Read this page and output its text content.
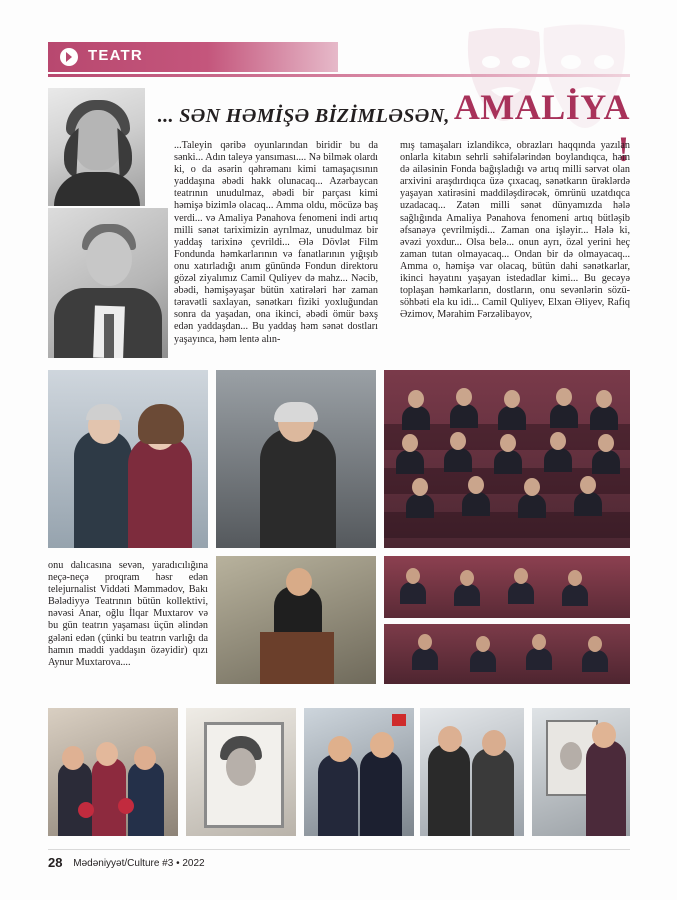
TEATR
... SƏN HƏMİŞƏ BİZİMLƏSƏN, AMALİYA !
...Taleyin qəribə oyunlarından biridir bu da sənki... Adın taleyə yansıması.... Nə bilmək olardı ki, o da əsərin qəhrəmanı kimi tamaşaçısının yaddaşına əbədi hakk olunacaq... Azərbaycan teatrının unudulmaz, əbədi bir parçası kimi həmişə bizimlə olacaq... Amma oldu, möcüzə baş verdi... və Amaliya Pənahova fenomeni indi artıq milli sənət tariximizin ayrılmaz, unudulmaz bir yaddaş tarixinə çevrildi... Ələ Dövlət Film Fondunda həmkarlarının və fanatlarının yığışıb onu xatırladığı anım günündə Fondun direktoru gözəl ziyalımız Camil Quliyev də mahz... Nəcib, əbədi, həmişəyaşar bütün xatirələri hər zaman təravətli saxlayan, sənətkarı fiziki yoxluğundan sonra da yaşadan, ona ikinci, əbədi ömür bəxş edən yaddaşdan... Bu yaddaş həm sənət dostları yaşayınca, həm lentə alın-
mış tamaşaları izlandikcə, obrazları haqqında yazılan onlarla kitabın sehrli səhifələrindən boylandıqca, həm də ailəsinin Fonda bağışladığı və artıq milli sərvət olan arxivini araşdırdıqca üzə çıxacaq, sənətkarın ürəklərdə yaşayan xatirəsini maddiləşdirəcək, ömrünü uzatdıqca uzadacaq... Zatən milli sənət dünyamızda hələ sağlığında Amaliya Pənahova fenomeni artıq bütləşib əfsanəyə çevrilmişdi... Zaman ona işləyir... Hələ ki, əvəzi yoxdur... Olsa belə... onun ayrı, özəl yerini heç zaman tutan olmayacaq... Ondan bir də olmayacaq... Amma o, həmişə var olacaq, bütün dahi sənətkarlar, ikinci həyatını yaşayan istedadlar kimi... Bu gecəyə toplaşan həmkarların, dostların, onu sevənlərin sözü-söhbəti ela ku idi... Camil Quliyev, Elxan Əliyev, Rafiq Əzimov, Mərahim Fərzəlibayov,
onu dalıcasına sevən, yaradıcılığına neçə-neçə proqram həsr edən telejurnalist Viddəti Məmmədov, Bakı Bələdiyyə Teatrının bütün kollektivi, nəvəsi Anar, oğlu İlqar Muxtarov və bu gün teatrın yaşaması üçün əlindən gələni edən (çünki bu teatrın varlığı da hamın maddi yaddaşın özəyidir) qızı Aynur Muxtarova....
28 Mədəniyyət/Culture #3 • 2022
